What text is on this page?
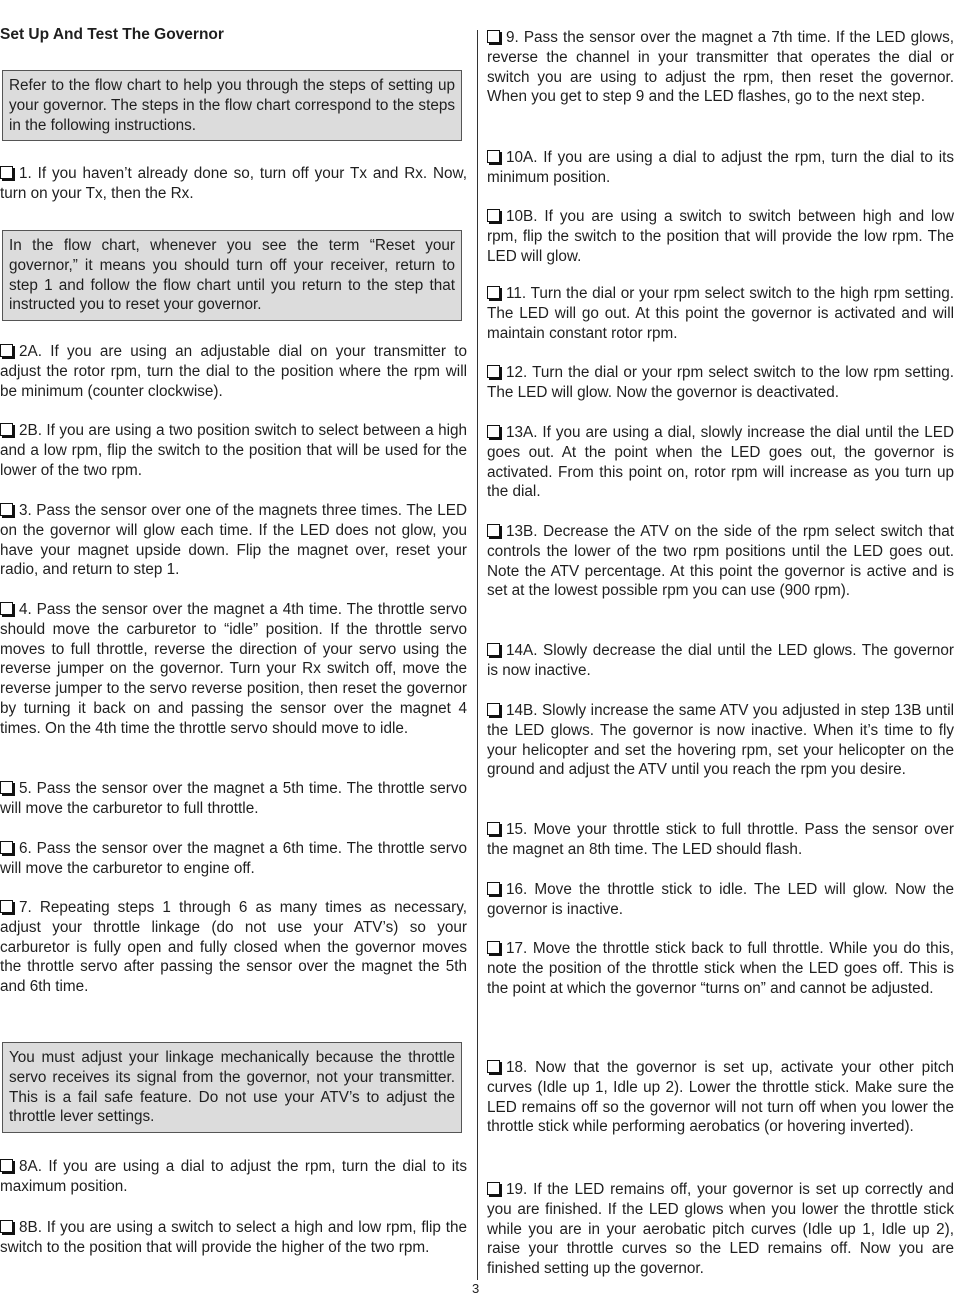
Set Up And Test The Governor
Refer to the flow chart to help you through the steps of setting up your governor. The steps in the flow chart correspond to the steps in the following instructions.

1. If you haven’t already done so, turn off your Tx and Rx. Now, turn on your Tx, then the Rx.

In the flow chart, whenever you see the term “Reset your governor,” it means you should turn off your receiver, return to step 1 and follow the flow chart until you return to the step that instructed you to reset your governor.

2A. If you are using an adjustable dial on your transmitter to adjust the rotor rpm, turn the dial to the position where the rpm will be minimum (counter clockwise).

2B. If you are using a two position switch to select between a high and a low rpm, flip the switch to the position that will be used for the lower of the two rpm.

3. Pass the sensor over one of the magnets three times. The LED on the governor will glow each time. If the LED does not glow, you have your magnet upside down. Flip the magnet over, reset your radio, and return to step 1.

4. Pass the sensor over the magnet a 4th time. The throttle servo should move the carburetor to “idle” position. If the throttle servo moves to full throttle, reverse the direction of your servo using the reverse jumper on the governor. Turn your Rx switch off, move the reverse jumper to the servo reverse position, then reset the governor by turning it back on and passing the sensor over the magnet 4 times. On the 4th time the throttle servo should move to idle.

5. Pass the sensor over the magnet a 5th time. The throttle servo will move the carburetor to full throttle.

6. Pass the sensor over the magnet a 6th time. The throttle servo will move the carburetor to engine off.

7. Repeating steps 1 through 6 as many times as necessary, adjust your throttle linkage (do not use your ATV’s) so your carburetor is fully open and fully closed when the governor moves the throttle servo after passing the sensor over the magnet the 5th and 6th time.

You must adjust your linkage mechanically because the throttle servo receives its signal from the governor, not your transmitter. This is a fail safe feature. Do not use your ATV’s to adjust the throttle lever settings.

8A. If you are using a dial to adjust the rpm, turn the dial to its maximum position.

8B. If you are using a switch to select a high and low rpm, flip the switch to the position that will provide the higher of the two rpm.

9. Pass the sensor over the magnet a 7th time. If the LED glows, reverse the channel in your transmitter that operates the dial or switch you are using to adjust the rpm, then reset the governor. When you get to step 9 and the LED flashes, go to the next step.

10A. If you are using a dial to adjust the rpm, turn the dial to its minimum position.

10B. If you are using a switch to switch between high and low rpm, flip the switch to the position that will provide the low rpm. The LED will glow.

11. Turn the dial or your rpm select switch to the high rpm setting. The LED will go out. At this point the governor is activated and will maintain constant rotor rpm.

12. Turn the dial or your rpm select switch to the low rpm setting. The LED will glow. Now the governor is deactivated.

13A. If you are using a dial, slowly increase the dial until the LED goes out. At the point when the LED goes out, the governor is activated. From this point on, rotor rpm will increase as you turn up the dial.

13B. Decrease the ATV on the side of the rpm select switch that controls the lower of the two rpm positions until the LED goes out. Note the ATV percentage. At this point the governor is active and is set at the lowest possible rpm you can use (900 rpm).

14A. Slowly decrease the dial until the LED glows. The governor is now inactive.

14B. Slowly increase the same ATV you adjusted in step 13B until the LED glows. The governor is now inactive. When it’s time to fly your helicopter and set the hovering rpm, set your helicopter on the ground and adjust the ATV until you reach the rpm you desire.

15. Move your throttle stick to full throttle. Pass the sensor over the magnet an 8th time. The LED should flash.

16. Move the throttle stick to idle. The LED will glow. Now the governor is inactive.

17. Move the throttle stick back to full throttle. While you do this, note the position of the throttle stick when the LED goes off. This is the point at which the governor “turns on” and cannot be adjusted.

18. Now that the governor is set up, activate your other pitch curves (Idle up 1, Idle up 2). Lower the throttle stick. Make sure the LED remains off so the governor will not turn off when you lower the throttle stick while performing aerobatics (or hovering inverted).

19. If the LED remains off, your governor is set up correctly and you are finished. If the LED glows when you lower the throttle stick while you are in your aerobatic pitch curves (Idle up 1, Idle up 2), raise your throttle curves so the LED remains off. Now you are finished setting up the governor.

3
